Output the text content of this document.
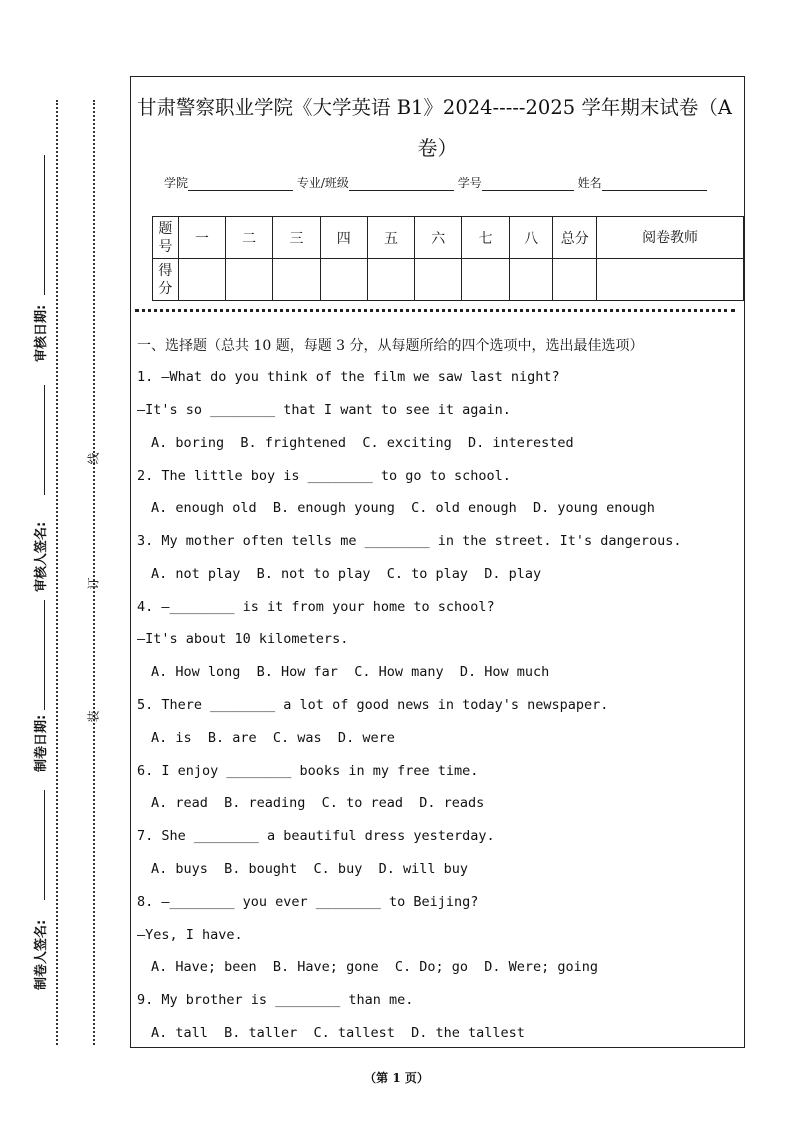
审核日期:
审核人签名:
制卷日期:
制卷人签名:
线
订
装
甘肃警察职业学院《大学英语 B1》2024-----2025 学年期末试卷（A
卷）
学院	专业/班级	学号	姓名
题号	一	二	三	四	五	六	七	八	总分	阅卷教师
得分										
一、选择题（总共 10 题，每题 3 分，从每题所给的四个选项中，选出最佳选项）
1. —What do you think of the film we saw last night?
—It's so ________ that I want to see it again.
A. boring  B. frightened  C. exciting  D. interested
2. The little boy is ________ to go to school.
A. enough old  B. enough young  C. old enough  D. young enough
3. My mother often tells me ________ in the street. It's dangerous.
A. not play  B. not to play  C. to play  D. play
4. —________ is it from your home to school?
—It's about 10 kilometers.
A. How long  B. How far  C. How many  D. How much
5. There ________ a lot of good news in today's newspaper.
A. is  B. are  C. was  D. were
6. I enjoy ________ books in my free time.
A. read  B. reading  C. to read  D. reads
7. She ________ a beautiful dress yesterday.
A. buys  B. bought  C. buy  D. will buy
8. —________ you ever ________ to Beijing?
—Yes, I have.
A. Have; been  B. Have; gone  C. Do; go  D. Were; going
9. My brother is ________ than me.
A. tall  B. taller  C. tallest  D. the tallest
（第 1 页）
